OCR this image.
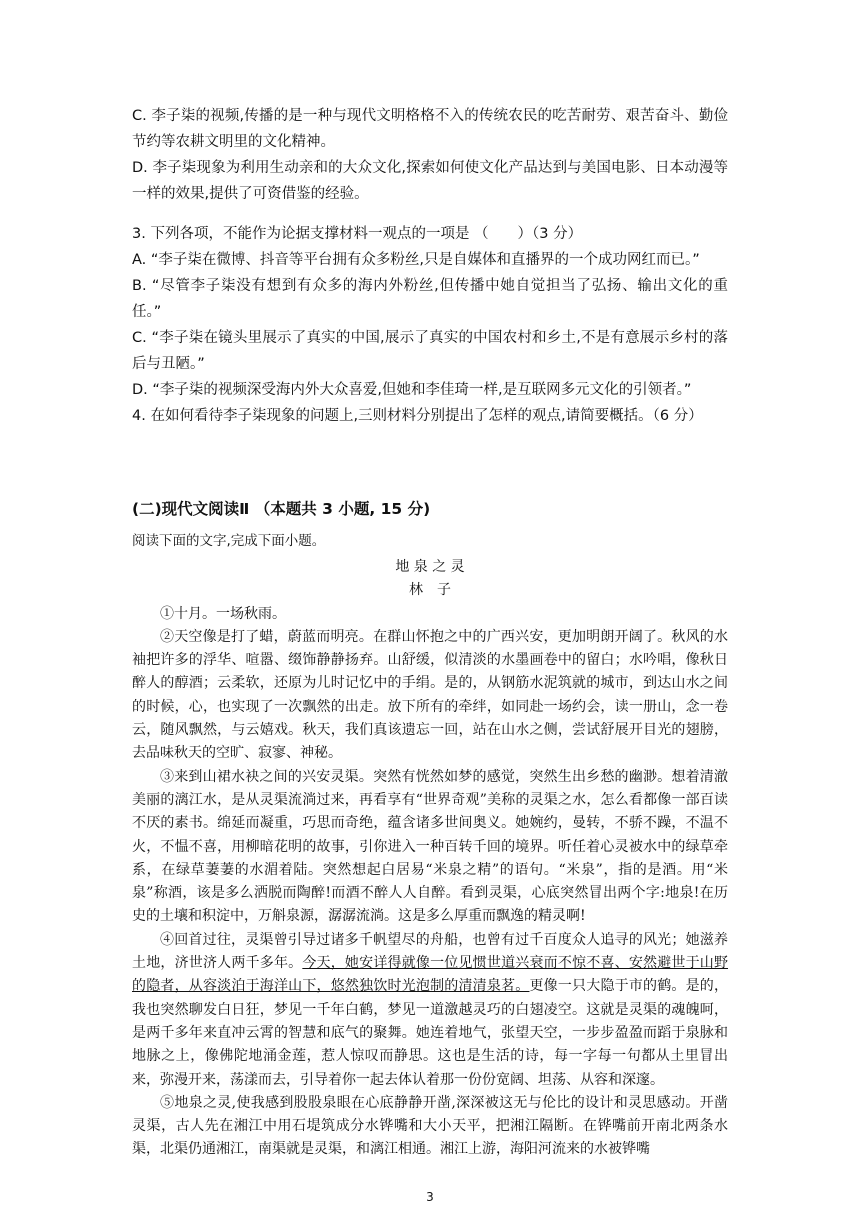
C. 李子柒的视频,传播的是一种与现代文明格格不入的传统农民的吃苦耐劳、艰苦奋斗、勤俭节约等农耕文明里的文化精神。

D. 李子柒现象为利用生动亲和的大众文化,探索如何使文化产品达到与美国电影、日本动漫等一样的效果,提供了可资借鉴的经验。

3. 下列各项，不能作为论据支撑材料一观点的一项是 （　　）（3 分）

A. “李子柒在微博、抖音等平台拥有众多粉丝,只是自媒体和直播界的一个成功网红而已。”

B. “尽管李子柒没有想到有众多的海内外粉丝,但传播中她自觉担当了弘扬、输出文化的重任。”

C. “李子柒在镜头里展示了真实的中国,展示了真实的中国农村和乡土,不是有意展示乡村的落后与丑陋。”

D. “李子柒的视频深受海内外大众喜爱,但她和李佳琦一样,是互联网多元文化的引领者。”

4. 在如何看待李子柒现象的问题上,三则材料分别提出了怎样的观点,请简要概括。（6 分）

(二)现代文阅读Ⅱ （本题共 3 小题, 15 分)

阅读下面的文字,完成下面小题。

地 泉 之 灵

林　子

①十月。一场秋雨。

②天空像是打了蜡，蔚蓝而明亮。在群山怀抱之中的广西兴安，更加明朗开阔了。秋风的水袖把许多的浮华、喧嚣、缀饰静静扬弃。山舒缓，似清淡的水墨画卷中的留白；水吟唱，像秋日醉人的醇酒；云柔软，还原为儿时记忆中的手绢。是的，从钢筋水泥筑就的城市，到达山水之间的时候，心，也实现了一次飘然的出走。放下所有的牵绊，如同赴一场约会，读一册山，念一卷云，随风飘然，与云嬉戏。秋天，我们真该遗忘一回，站在山水之侧，尝试舒展开目光的翅膀，去品味秋天的空旷、寂寥、神秘。

③来到山裙水袂之间的兴安灵渠。突然有恍然如梦的感觉，突然生出乡愁的幽渺。想着清澈美丽的漓江水，是从灵渠流淌过来，再看享有“世界奇观”美称的灵渠之水，怎么看都像一部百读不厌的素书。绵延而凝重，巧思而奇绝，蕴含诸多世间奥义。她婉约，曼转，不骄不躁，不温不火，不愠不喜，用柳暗花明的故事，引你进入一种百转千回的境界。听任着心灵被水中的绿草牵系，在绿草萋萋的水湄着陆。突然想起白居易“米泉之精”的语句。“米泉”，指的是酒。用“米泉”称酒，该是多么洒脱而陶醉!而酒不醉人人自醉。看到灵渠，心底突然冒出两个字:地泉!在历史的土壤和积淀中，万斛泉源，潺潺流淌。这是多么厚重而飘逸的精灵啊!

④回首过往，灵渠曾引导过诸多千帆望尽的舟船，也曾有过千百度众人追寻的风光；她滋养土地，济世济人两千多年。今天，她安详得就像一位见惯世道兴衰而不惊不喜、安然避世于山野的隐者，从容淡泊于海洋山下，悠然独饮时光泡制的清清泉茗。更像一只大隐于市的鹤。是的，我也突然聊发白日狂，梦见一千年白鹤，梦见一道激越灵巧的白翅凌空。这就是灵渠的魂魄呵，是两千多年来直冲云霄的智慧和底气的聚舞。她连着地气，张望天空，一步步盈盈而蹈于泉脉和地脉之上，像佛陀地涌金莲，惹人惊叹而静思。这也是生活的诗，每一字每一句都从土里冒出来，弥漫开来，荡漾而去，引导着你一起去体认着那一份份宽阔、坦荡、从容和深邃。

⑤地泉之灵,使我感到股股泉眼在心底静静开凿,深深被这无与伦比的设计和灵思感动。开凿灵渠，古人先在湘江中用石堤筑成分水铧嘴和大小天平，把湘江隔断。在铧嘴前开南北两条水渠，北渠仍通湘江，南渠就是灵渠，和漓江相通。湘江上游，海阳河流来的水被铧嘴

3
